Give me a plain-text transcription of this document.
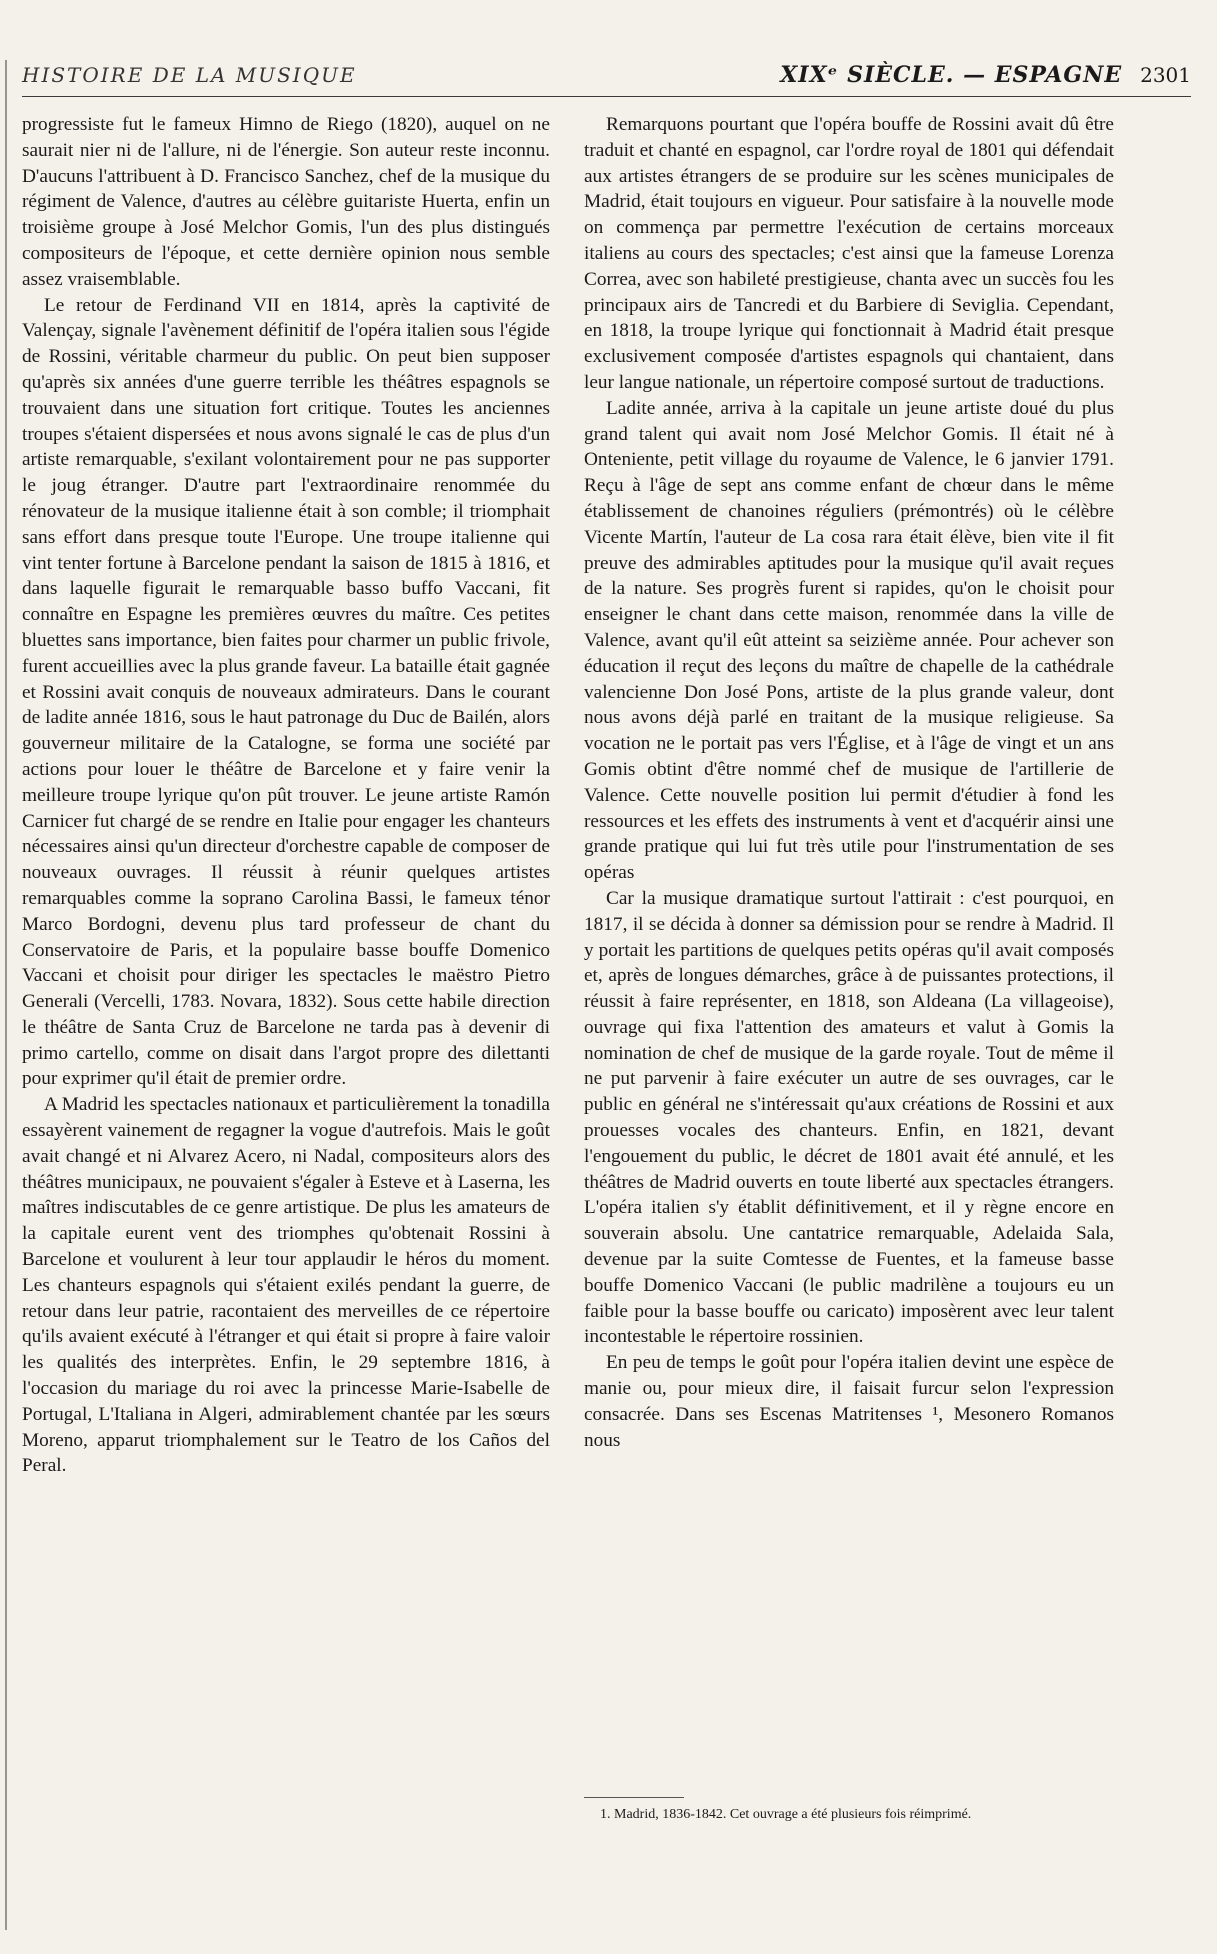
HISTOIRE DE LA MUSIQUE	XIXᵉ SIÈCLE. — ESPAGNE 2301

progressiste fut le fameux Himno de Riego (1820), auquel on ne saurait nier ni de l'allure, ni de l'énergie. Son auteur reste inconnu. D'aucuns l'attribuent à D. Francisco Sanchez, chef de la musique du régiment de Valence, d'autres au célèbre guitariste Huerta, enfin un troisième groupe à José Melchor Gomis, l'un des plus distingués compositeurs de l'époque, et cette dernière opinion nous semble assez vraisemblable.

Le retour de Ferdinand VII en 1814, après la captivité de Valençay, signale l'avènement définitif de l'opéra italien sous l'égide de Rossini, véritable charmeur du public. On peut bien supposer qu'après six années d'une guerre terrible les théâtres espagnols se trouvaient dans une situation fort critique. Toutes les anciennes troupes s'étaient dispersées et nous avons signalé le cas de plus d'un artiste remarquable, s'exilant volontairement pour ne pas supporter le joug étranger. D'autre part l'extraordinaire renommée du rénovateur de la musique italienne était à son comble; il triomphait sans effort dans presque toute l'Europe. Une troupe italienne qui vint tenter fortune à Barcelone pendant la saison de 1815 à 1816, et dans laquelle figurait le remarquable basso buffo Vaccani, fit connaître en Espagne les premières œuvres du maître. Ces petites bluettes sans importance, bien faites pour charmer un public frivole, furent accueillies avec la plus grande faveur. La bataille était gagnée et Rossini avait conquis de nouveaux admirateurs. Dans le courant de ladite année 1816, sous le haut patronage du Duc de Bailén, alors gouverneur militaire de la Catalogne, se forma une société par actions pour louer le théâtre de Barcelone et y faire venir la meilleure troupe lyrique qu'on pût trouver. Le jeune artiste Ramón Carnicer fut chargé de se rendre en Italie pour engager les chanteurs nécessaires ainsi qu'un directeur d'orchestre capable de composer de nouveaux ouvrages. Il réussit à réunir quelques artistes remarquables comme la soprano Carolina Bassi, le fameux ténor Marco Bordogni, devenu plus tard professeur de chant du Conservatoire de Paris, et la populaire basse bouffe Domenico Vaccani et choisit pour diriger les spectacles le maëstro Pietro Generali (Vercelli, 1783. Novara, 1832). Sous cette habile direction le théâtre de Santa Cruz de Barcelone ne tarda pas à devenir di primo cartello, comme on disait dans l'argot propre des dilettanti pour exprimer qu'il était de premier ordre.

A Madrid les spectacles nationaux et particulièrement la tonadilla essayèrent vainement de regagner la vogue d'autrefois. Mais le goût avait changé et ni Alvarez Acero, ni Nadal, compositeurs alors des théâtres municipaux, ne pouvaient s'égaler à Esteve et à Laserna, les maîtres indiscutables de ce genre artistique. De plus les amateurs de la capitale eurent vent des triomphes qu'obtenait Rossini à Barcelone et voulurent à leur tour applaudir le héros du moment. Les chanteurs espagnols qui s'étaient exilés pendant la guerre, de retour dans leur patrie, racontaient des merveilles de ce répertoire qu'ils avaient exécuté à l'étranger et qui était si propre à faire valoir les qualités des interprètes. Enfin, le 29 septembre 1816, à l'occasion du mariage du roi avec la princesse Marie-Isabelle de Portugal, L'Italiana in Algeri, admirablement chantée par les sœurs Moreno, apparut triomphalement sur le Teatro de los Caños del Peral.

Remarquons pourtant que l'opéra bouffe de Rossini avait dû être traduit et chanté en espagnol, car l'ordre royal de 1801 qui défendait aux artistes étrangers de se produire sur les scènes municipales de Madrid, était toujours en vigueur. Pour satisfaire à la nouvelle mode on commença par permettre l'exécution de certains morceaux italiens au cours des spectacles; c'est ainsi que la fameuse Lorenza Correa, avec son habileté prestigieuse, chanta avec un succès fou les principaux airs de Tancredi et du Barbiere di Seviglia. Cependant, en 1818, la troupe lyrique qui fonctionnait à Madrid était presque exclusivement composée d'artistes espagnols qui chantaient, dans leur langue nationale, un répertoire composé surtout de traductions.

Ladite année, arriva à la capitale un jeune artiste doué du plus grand talent qui avait nom José Melchor Gomis. Il était né à Onteniente, petit village du royaume de Valence, le 6 janvier 1791. Reçu à l'âge de sept ans comme enfant de chœur dans le même établissement de chanoines réguliers (prémontrés) où le célèbre Vicente Martín, l'auteur de La cosa rara était élève, bien vite il fit preuve des admirables aptitudes pour la musique qu'il avait reçues de la nature. Ses progrès furent si rapides, qu'on le choisit pour enseigner le chant dans cette maison, renommée dans la ville de Valence, avant qu'il eût atteint sa seizième année. Pour achever son éducation il reçut des leçons du maître de chapelle de la cathédrale valencienne Don José Pons, artiste de la plus grande valeur, dont nous avons déjà parlé en traitant de la musique religieuse. Sa vocation ne le portait pas vers l'Église, et à l'âge de vingt et un ans Gomis obtint d'être nommé chef de musique de l'artillerie de Valence. Cette nouvelle position lui permit d'étudier à fond les ressources et les effets des instruments à vent et d'acquérir ainsi une grande pratique qui lui fut très utile pour l'instrumentation de ses opéras

Car la musique dramatique surtout l'attirait : c'est pourquoi, en 1817, il se décida à donner sa démission pour se rendre à Madrid. Il y portait les partitions de quelques petits opéras qu'il avait composés et, après de longues démarches, grâce à de puissantes protections, il réussit à faire représenter, en 1818, son Aldeana (La villageoise), ouvrage qui fixa l'attention des amateurs et valut à Gomis la nomination de chef de musique de la garde royale. Tout de même il ne put parvenir à faire exécuter un autre de ses ouvrages, car le public en général ne s'intéressait qu'aux créations de Rossini et aux prouesses vocales des chanteurs. Enfin, en 1821, devant l'engouement du public, le décret de 1801 avait été annulé, et les théâtres de Madrid ouverts en toute liberté aux spectacles étrangers. L'opéra italien s'y établit définitivement, et il y règne encore en souverain absolu. Une cantatrice remarquable, Adelaida Sala, devenue par la suite Comtesse de Fuentes, et la fameuse basse bouffe Domenico Vaccani (le public madrilène a toujours eu un faible pour la basse bouffe ou caricato) imposèrent avec leur talent incontestable le répertoire rossinien.

En peu de temps le goût pour l'opéra italien devint une espèce de manie ou, pour mieux dire, il faisait furcur selon l'expression consacrée. Dans ses Escenas Matritenses ¹, Mesonero Romanos nous

1. Madrid, 1836-1842. Cet ouvrage a été plusieurs fois réimprimé.
